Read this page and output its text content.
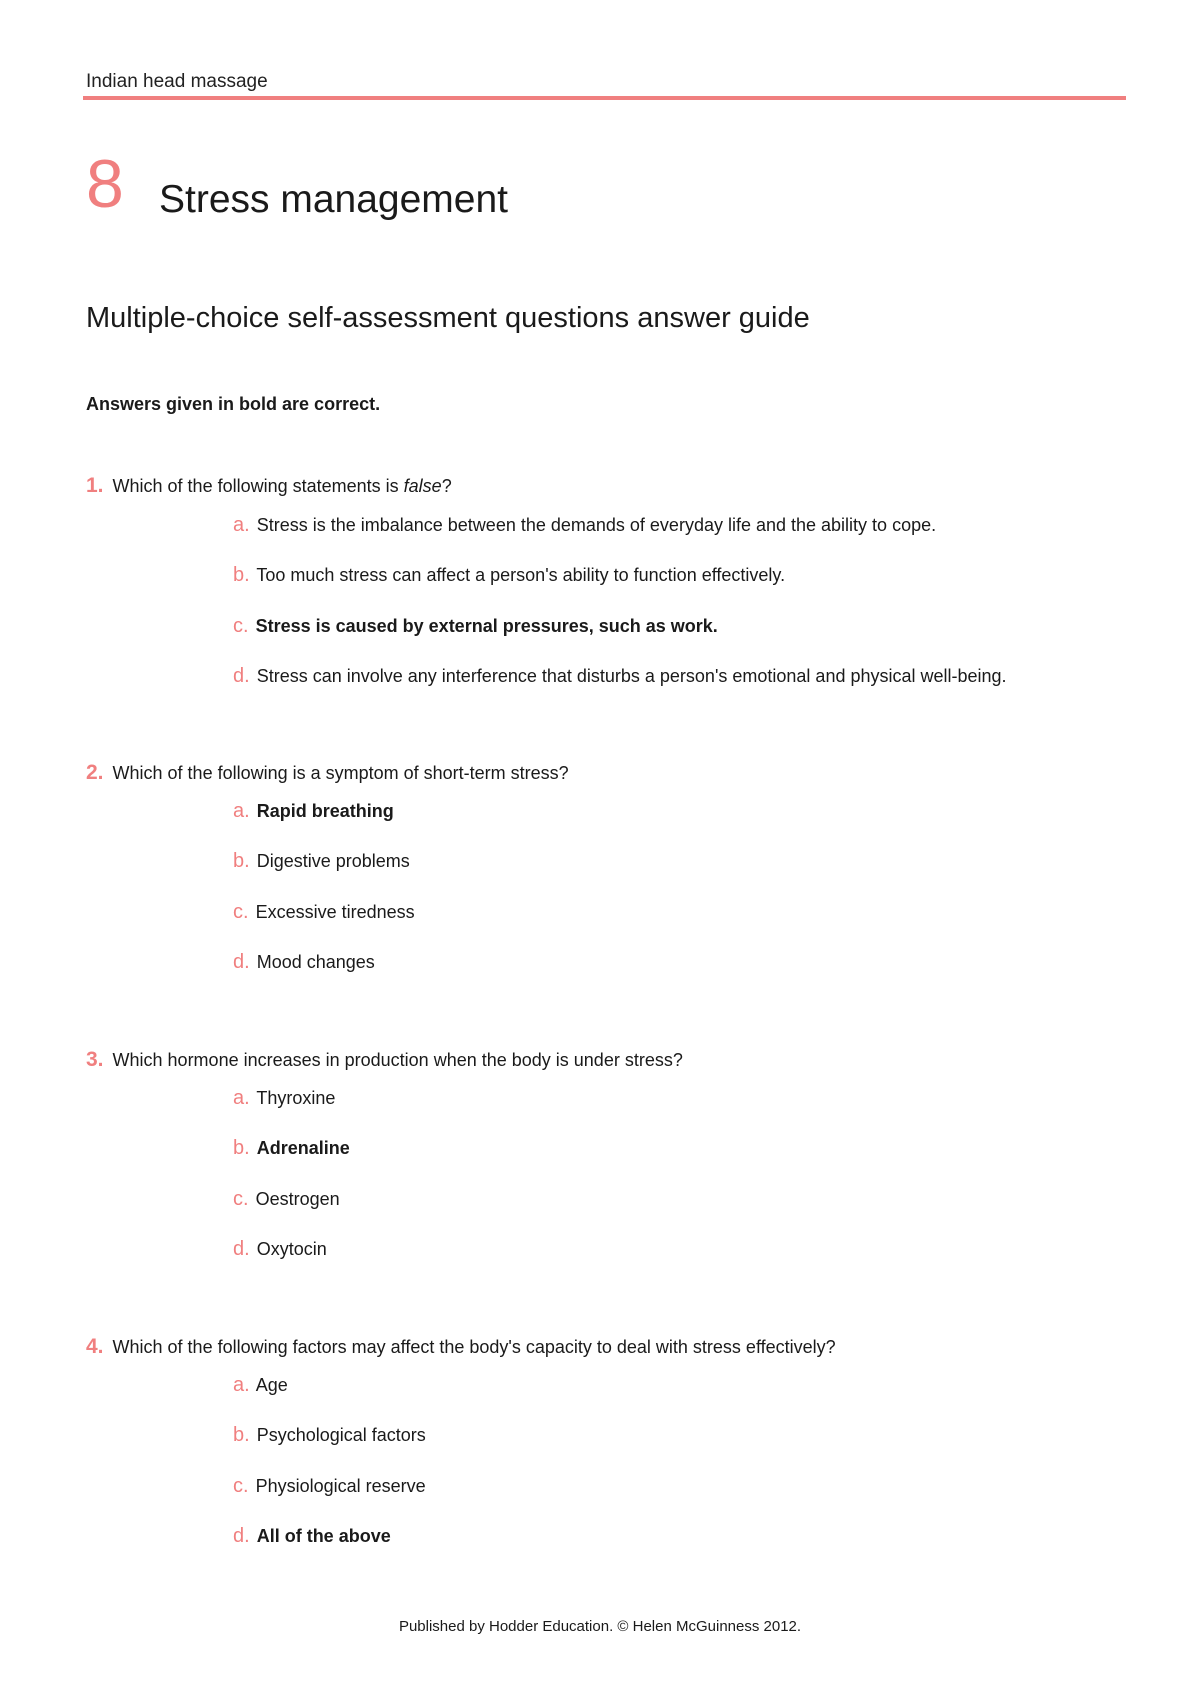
Indian head massage
8 Stress management
Multiple-choice self-assessment questions answer guide
Answers given in bold are correct.
1. Which of the following statements is false?
a. Stress is the imbalance between the demands of everyday life and the ability to cope.
b. Too much stress can affect a person's ability to function effectively.
c. Stress is caused by external pressures, such as work.
d. Stress can involve any interference that disturbs a person's emotional and physical well-being.
2. Which of the following is a symptom of short-term stress?
a. Rapid breathing
b. Digestive problems
c. Excessive tiredness
d. Mood changes
3. Which hormone increases in production when the body is under stress?
a. Thyroxine
b. Adrenaline
c. Oestrogen
d. Oxytocin
4. Which of the following factors may affect the body's capacity to deal with stress effectively?
a. Age
b. Psychological factors
c. Physiological reserve
d. All of the above
Published by Hodder Education. © Helen McGuinness 2012.
